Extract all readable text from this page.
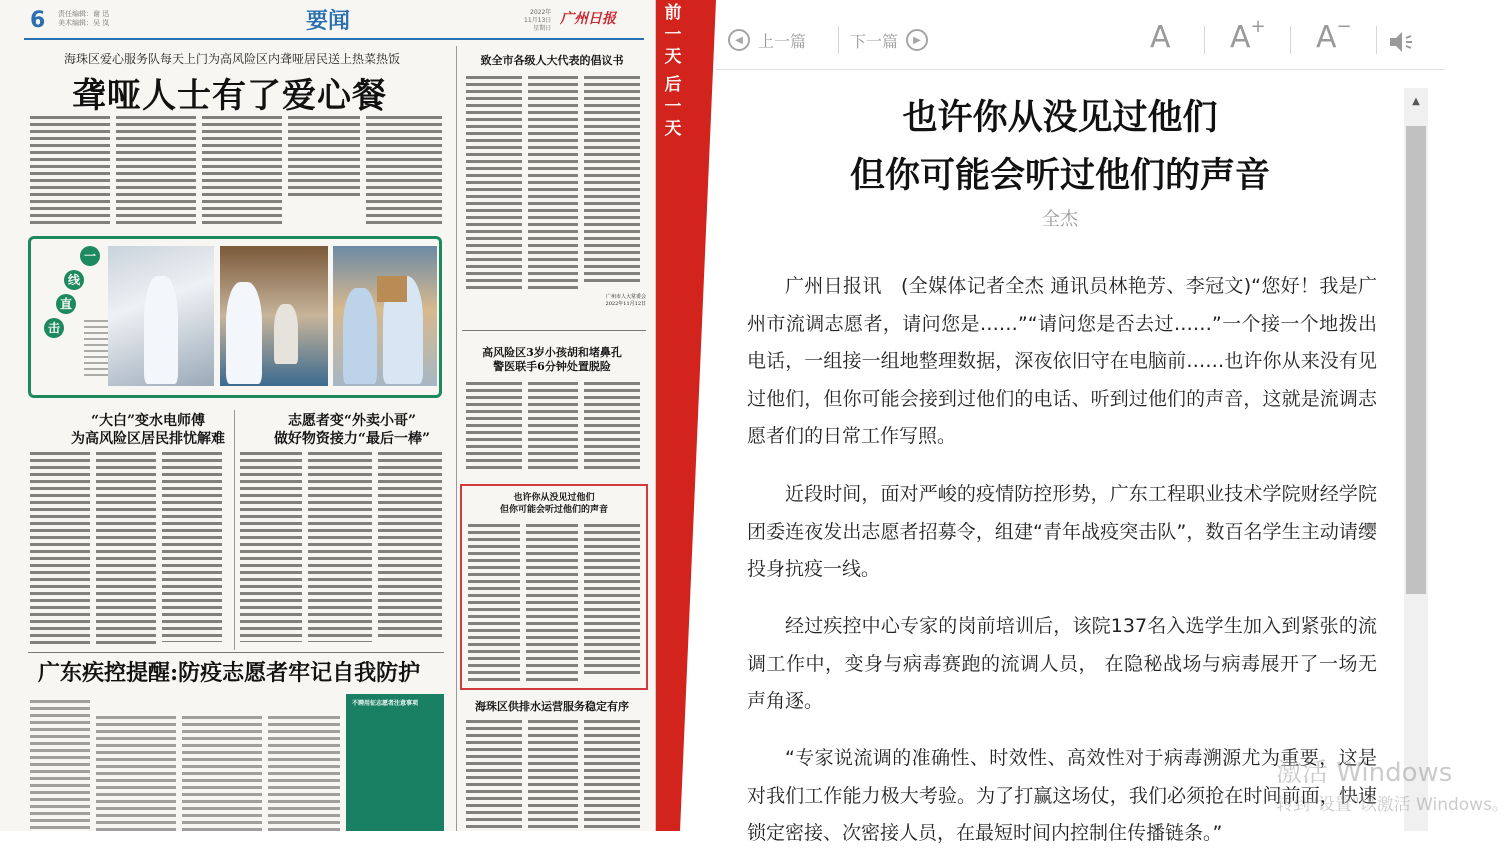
6 责任编辑：谢 迅
美术编辑：吴 岚	要闻	2022年
11月13日
星期日
广州日报
海珠区爱心服务队每天上门为高风险区内聋哑居民送上热菜热饭
聋哑人士有了爱心餐
一
线
直
击
“大白”变水电师傅
为高风险区居民排忧解难
志愿者变“外卖小哥”
做好物资接力“最后一棒”
广东疾控提醒:防疫志愿者牢记自我防护
不聘用征志愿者注意事项
致全市各级人大代表的倡议书
广州市人大常委会
2022年11月12日
高风险区3岁小孩胡和堵鼻孔
警医联手6分钟处置脱险
也许你从没见过他们
但你可能会听过他们的声音
海珠区供排水运营服务稳定有序
前
一
天
后
一
天
◀ 上一篇	下一篇	▶	A A+ A−
也许你从没见过他们
但你可能会听过他们的声音
全杰
广州日报讯　(全媒体记者全杰 通讯员林艳芳、李冠文)“您好！我是广州市流调志愿者，请问您是……”“请问您是否去过……”一个接一个地拨出电话，一组接一组地整理数据，深夜依旧守在电脑前……也许你从来没有见过他们，但你可能会接到过他们的电话、听到过他们的声音，这就是流调志愿者们的日常工作写照。
近段时间，面对严峻的疫情防控形势，广东工程职业技术学院财经学院团委连夜发出志愿者招募令，组建“青年战疫突击队”，数百名学生主动请缨投身抗疫一线。
经过疾控中心专家的岗前培训后，该院137名入选学生加入到紧张的流调工作中，变身与病毒赛跑的流调人员， 在隐秘战场与病毒展开了一场无声角逐。
“专家说流调的准确性、时效性、高效性对于病毒溯源尤为重要，这是对我们工作能力极大考验。为了打赢这场仗，我们必须抢在时间前面，快速锁定密接、次密接人员，在最短时间内控制住传播链条。”
▲
激活 Windows
转到"设置"以激活 Windows。
